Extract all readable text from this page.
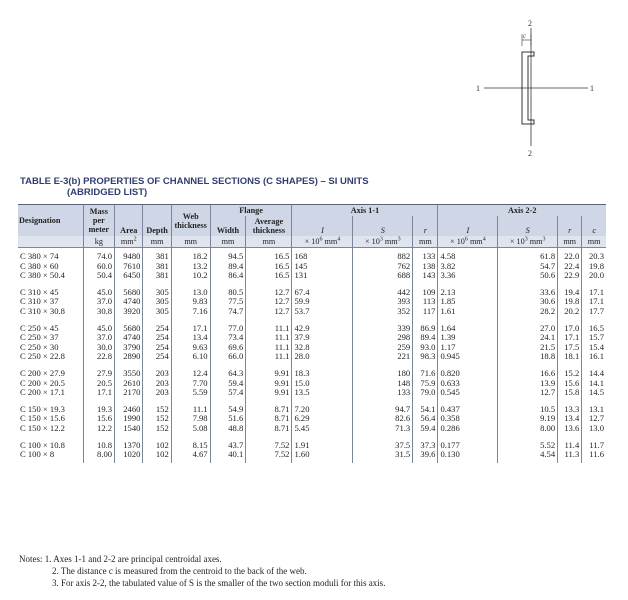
2
2
1	1
c
TABLE E-3(b) PROPERTIES OF CHANNEL SECTIONS (C SHAPES) – SI UNITS
(ABRIDGED LIST)
Designation	Mass per meter	Area	Depth	Web thickness	Flange		Axis 1-1			Axis 2-2			
					Width	Average thickness	I	S	r	I	S	r	c

	kg	$mm^2$	mm	mm	mm	mm	× $10^6$ $mm^4$	× $10^3$ $mm^3$	mm	× $10^6$ $mm^4$	× $10^3$ $mm^3$	mm	mm
C 380 × 74	74.0	9480	381	18.2	94.5	16.5	168	882	133	4.58	61.8	22.0	20.3
C 380 × 60	60.0	7610	381	13.2	89.4	16.5	145	762	138	3.82	54.7	22.4	19.8
C 380 × 50.4	50.4	6450	381	10.2	86.4	16.5	131	688	143	3.36	50.6	22.9	20.0
C 310 × 45	45.0	5680	305	13.0	80.5	12.7	67.4	442	109	2.13	33.6	19.4	17.1
C 310 × 37	37.0	4740	305	9.83	77.5	12.7	59.9	393	113	1.85	30.6	19.8	17.1
C 310 × 30.8	30.8	3920	305	7.16	74.7	12.7	53.7	352	117	1.61	28.2	20.2	17.7
C 250 × 45	45.0	5680	254	17.1	77.0	11.1	42.9	339	86.9	1.64	27.0	17.0	16.5
C 250 × 37	37.0	4740	254	13.4	73.4	11.1	37.9	298	89.4	1.39	24.1	17.1	15.7
C 250 × 30	30.0	3790	254	9.63	69.6	11.1	32.8	259	93.0	1.17	21.5	17.5	15.4
C 250 × 22.8	22.8	2890	254	6.10	66.0	11.1	28.0	221	98.3	0.945	18.8	18.1	16.1
C 200 × 27.9	27.9	3550	203	12.4	64.3	9.91	18.3	180	71.6	0.820	16.6	15.2	14.4
C 200 × 20.5	20.5	2610	203	7.70	59.4	9.91	15.0	148	75.9	0.633	13.9	15.6	14.1
C 200 × 17.1	17.1	2170	203	5.59	57.4	9.91	13.5	133	79.0	0.545	12.7	15.8	14.5
C 150 × 19.3	19.3	2460	152	11.1	54.9	8.71	7.20	94.7	54.1	0.437	10.5	13.3	13.1
C 150 × 15.6	15.6	1990	152	7.98	51.6	8.71	6.29	82.6	56.4	0.358	9.19	13.4	12.7
C 150 × 12.2	12.2	1540	152	5.08	48.8	8.71	5.45	71.3	59.4	0.286	8.00	13.6	13.0
C 100 × 10.8	10.8	1370	102	8.15	43.7	7.52	1.91	37.5	37.3	0.177	5.52	11.4	11.7
C 100 × 8	8.00	1020	102	4.67	40.1	7.52	1.60	31.5	39.6	0.130	4.54	11.3	11.6
Notes: 1. Axes 1-1 and 2-2 are principal centroidal axes.
2. The distance c is measured from the centroid to the back of the web.
3. For axis 2-2, the tabulated value of S is the smaller of the two section moduli for this axis.
